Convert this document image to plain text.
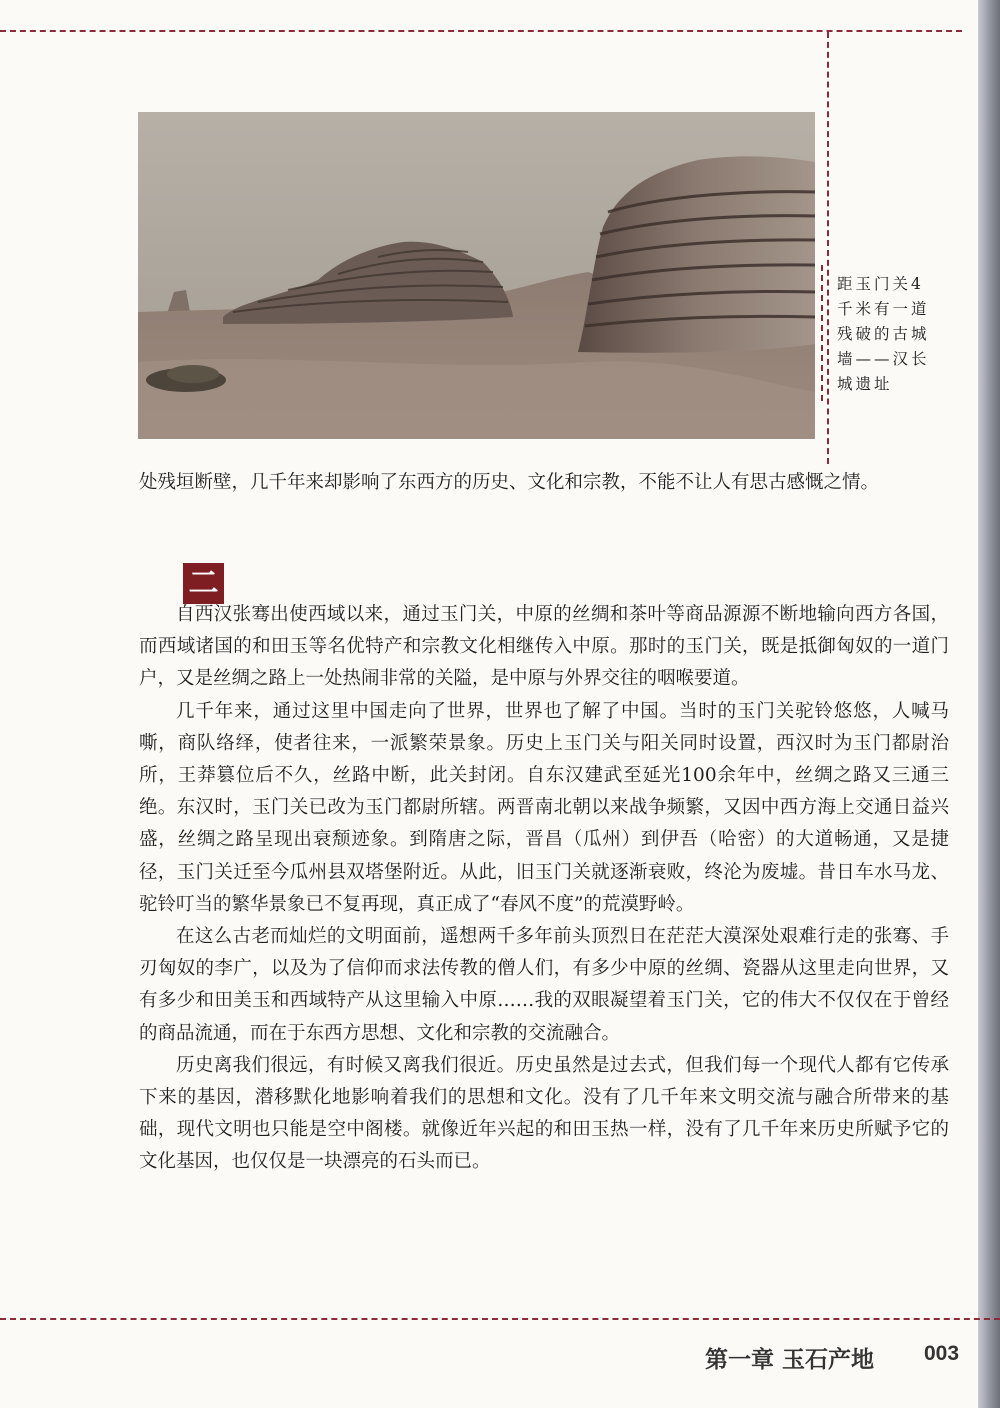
距玉门关4
千米有一道
残破的古城
墙——汉长
城遗址

处残垣断壁，几千年来却影响了东西方的历史、文化和宗教，不能不让人有思古感慨之情。

二

自西汉张骞出使西域以来，通过玉门关，中原的丝绸和茶叶等商品源源不断地输向西方各国，而西域诸国的和田玉等名优特产和宗教文化相继传入中原。那时的玉门关，既是抵御匈奴的一道门户，又是丝绸之路上一处热闹非常的关隘，是中原与外界交往的咽喉要道。

几千年来，通过这里中国走向了世界，世界也了解了中国。当时的玉门关驼铃悠悠，人喊马嘶，商队络绎，使者往来，一派繁荣景象。历史上玉门关与阳关同时设置，西汉时为玉门都尉治所，王莽篡位后不久，丝路中断，此关封闭。自东汉建武至延光100余年中，丝绸之路又三通三绝。东汉时，玉门关已改为玉门都尉所辖。两晋南北朝以来战争频繁，又因中西方海上交通日益兴盛，丝绸之路呈现出衰颓迹象。到隋唐之际，晋昌（瓜州）到伊吾（哈密）的大道畅通，又是捷径，玉门关迁至今瓜州县双塔堡附近。从此，旧玉门关就逐渐衰败，终沦为废墟。昔日车水马龙、驼铃叮当的繁华景象已不复再现，真正成了“春风不度”的荒漠野岭。

在这么古老而灿烂的文明面前，遥想两千多年前头顶烈日在茫茫大漠深处艰难行走的张骞、手刃匈奴的李广，以及为了信仰而求法传教的僧人们，有多少中原的丝绸、瓷器从这里走向世界，又有多少和田美玉和西域特产从这里输入中原……我的双眼凝望着玉门关，它的伟大不仅仅在于曾经的商品流通，而在于东西方思想、文化和宗教的交流融合。

历史离我们很远，有时候又离我们很近。历史虽然是过去式，但我们每一个现代人都有它传承下来的基因，潜移默化地影响着我们的思想和文化。没有了几千年来文明交流与融合所带来的基础，现代文明也只能是空中阁楼。就像近年兴起的和田玉热一样，没有了几千年来历史所赋予它的文化基因，也仅仅是一块漂亮的石头而已。

第一章 玉石产地 003
